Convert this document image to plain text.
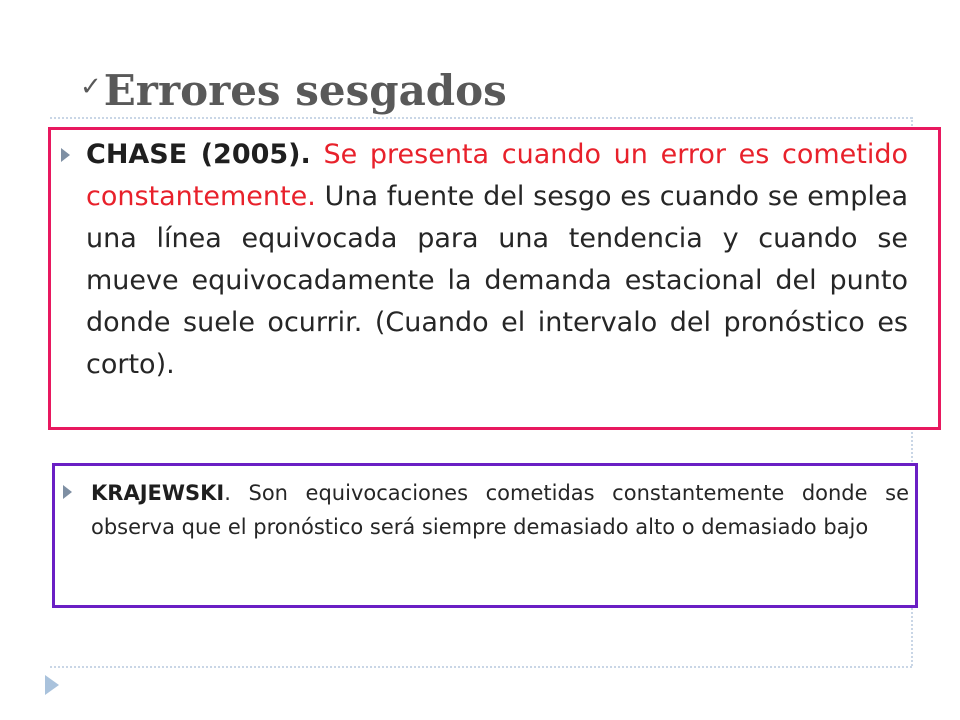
✓Errores sesgados

CHASE (2005). Se presenta cuando un error es cometido constantemente. Una fuente del sesgo es cuando se emplea una línea equivocada para una tendencia y cuando se mueve equivocadamente la demanda estacional del punto donde suele ocurrir. (Cuando el intervalo del pronóstico es corto).

KRAJEWSKI. Son equivocaciones cometidas constantemente donde se observa que el pronóstico será siempre demasiado alto o demasiado bajo
